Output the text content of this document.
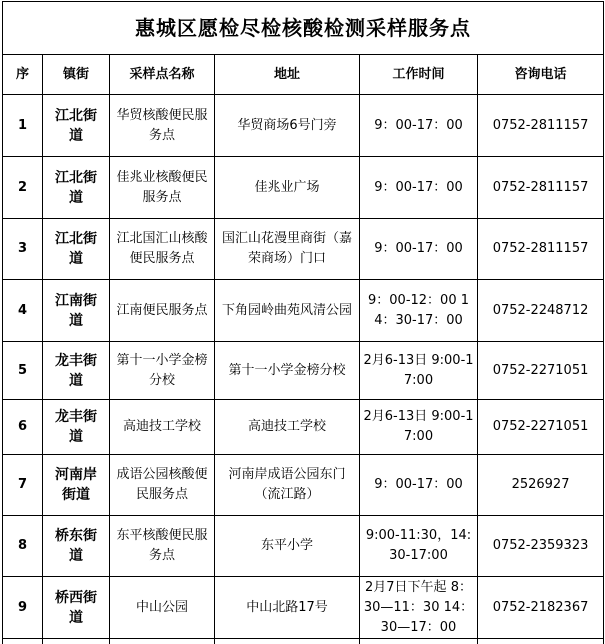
惠城区愿检尽检核酸检测采样服务点					
序	镇街	采样点名称	地址	工作时间	咨询电话
1	江北街道	华贸核酸便民服务点	华贸商场6号门旁	9：00-17：00	0752-2811157
2	江北街道	佳兆业核酸便民服务点	佳兆业广场	9：00-17：00	0752-2811157
3	江北街道	江北国汇山核酸便民服务点	国汇山花漫里商街（嘉荣商场）门口	9：00-17：00	0752-2811157
4	江南街道	江南便民服务点	下角园岭曲苑风清公园	9：00-12：00 14：30-17：00	0752-2248712
5	龙丰街道	第十一小学金榜分校	第十一小学金榜分校	2月6-13日 9:00-17:00	0752-2271051
6	龙丰街道	高迪技工学校	高迪技工学校	2月6-13日 9:00-17:00	0752-2271051
7	河南岸街道	成语公园核酸便民服务点	河南岸成语公园东门（流江路）	9：00-17：00	2526927
8	桥东街道	东平核酸便民服务点	东平小学	9:00-11:30，14:30-17:00	0752-2359323
9	桥西街道	中山公园	中山北路17号	2月7日下午起 8：30—11：30 14：30—17：00	0752-2182367
